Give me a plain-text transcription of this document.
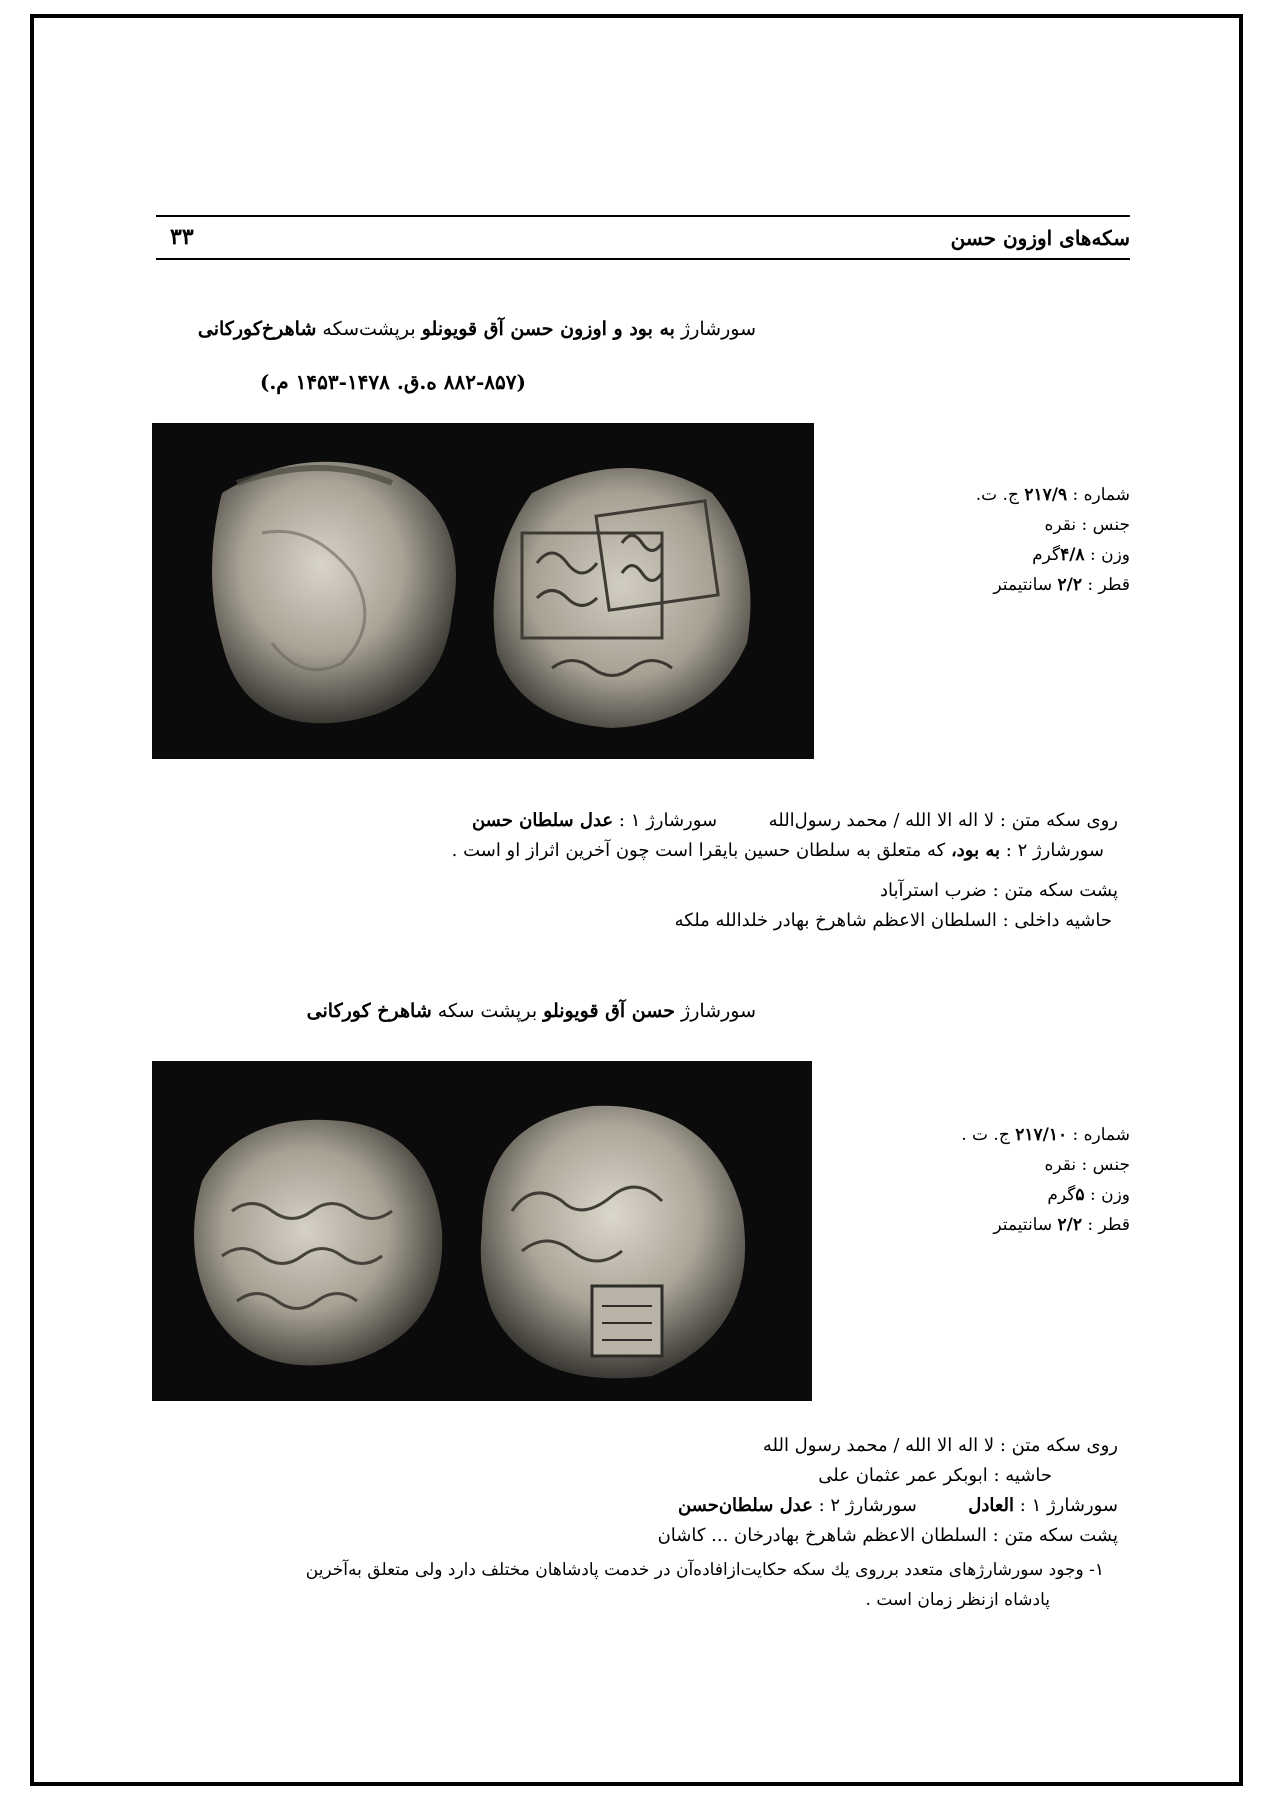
سکه‌های اوزون حسن
۳۳
سورشارژ به بود و اوزون حسن آق قویونلو برپشت‌سکه شاهرخ‌کورکانی
(۸۸۲-۸۵۷ ه.ق. ۱۴۷۸-۱۴۵۳ م.)
شماره : ۲۱۷/۹ ج. ت.
جنس : نقره
وزن : ۴/۸گرم
قطر : ۲/۲ سانتیمتر
روی سکه متن : لا اله الا الله / محمد رسول‌الله  سورشارژ ۱ : عدل سلطان حسن
سورشارژ ۲ : به بود، که متعلق به سلطان حسین بایقرا است چون آخرین اثراز او است .
پشت سکه متن : ضرب استرآباد
حاشیه داخلی : السلطان الاعظم شاهرخ بهادر خلدالله ملکه
سورشارژ حسن آق قویونلو برپشت سکه شاهرخ کورکانی
شماره : ۲۱۷/۱۰ ج. ت .
جنس : نقره
وزن : ۵گرم
قطر : ۲/۲ سانتیمتر
روی سکه متن : لا اله الا الله / محمد رسول الله
حاشیه : ابوبکر عمر عثمان علی
سورشارژ ۱ : العادل  سورشارژ ۲ : عدل سلطان‌حسن
پشت سکه متن : السلطان الاعظم شاهرخ بهادرخان ... کاشان
۱- وجود سورشارژهای متعدد برروی یك سکه حکایت‌ازافاده‌آن در خدمت پادشاهان مختلف دارد ولی متعلق به‌آخرین
پادشاه ازنظر زمان است .
